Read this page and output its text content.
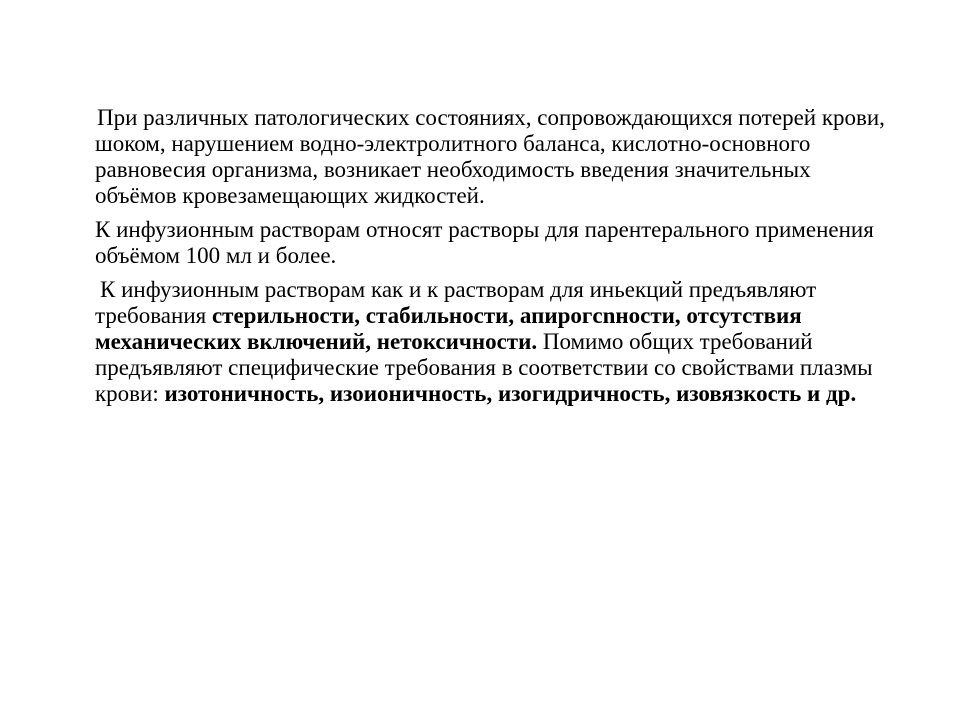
При различных патологических состояниях, сопровождающихся потерей крови, шоком, нарушением водно-электролитного баланса, кислотно-основного равновесия организма, возникает необходимость введения значительных объёмов кровезамещающих жидкостей.

К инфузионным растворам относят растворы для парентерального применения объёмом 100 мл и более.

К инфузионным растворам как и к растворам для иньекций предъявляют требования стерильности, стабильности, апирогсnности, отсутствия механических включений, нетоксичности. Помимо общих требований предъявляют специфические требования в соответствии со свойствами плазмы крови: изотоничность, изоионичность, изогидричность, изовязкость и др.
